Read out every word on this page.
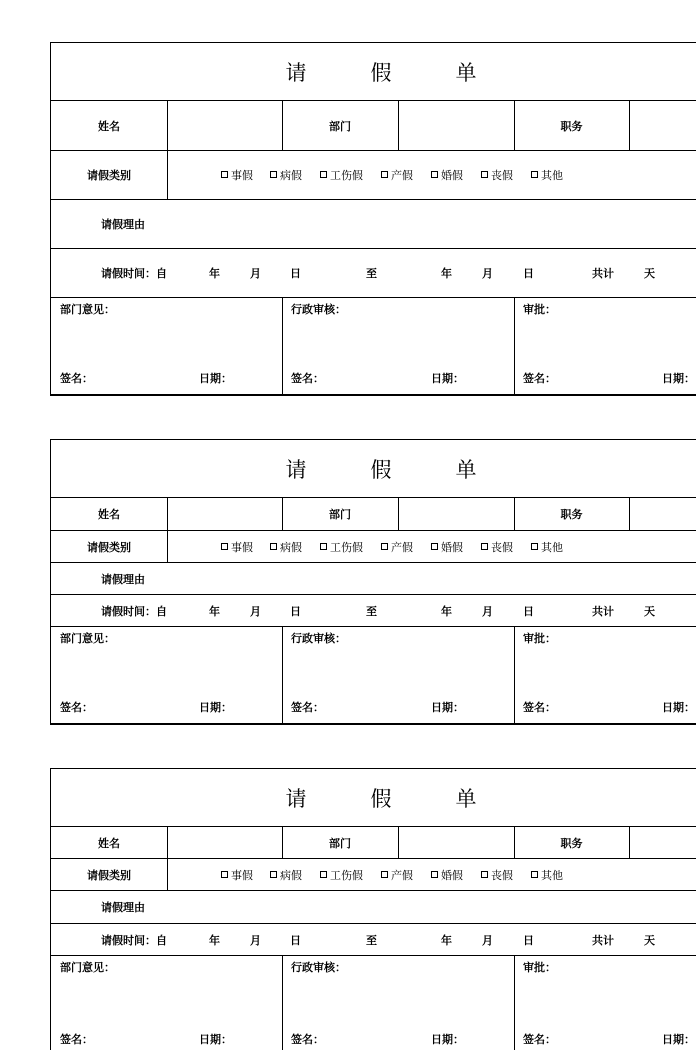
请	假	单
姓名	部门	职务
请假类别	事假	病假	工伤假	产假	婚假	丧假	其他
请假理由
请假时间：自	年	月	日	至	年	月	日	共计	天
部门意见：
签名：	日期：
行政审核：
签名：	日期：
审批：
签名：	日期：
请	假	单
姓名	部门	职务
请假类别	事假	病假	工伤假	产假	婚假	丧假	其他
请假理由
请假时间：自	年	月	日	至	年	月	日	共计	天
部门意见：
签名：	日期：
行政审核：
签名：	日期：
审批：
签名：	日期：
请	假	单
姓名	部门	职务
请假类别	事假	病假	工伤假	产假	婚假	丧假	其他
请假理由
请假时间：自	年	月	日	至	年	月	日	共计	天
部门意见：
签名：	日期：
行政审核：
签名：	日期：
审批：
签名：	日期：
